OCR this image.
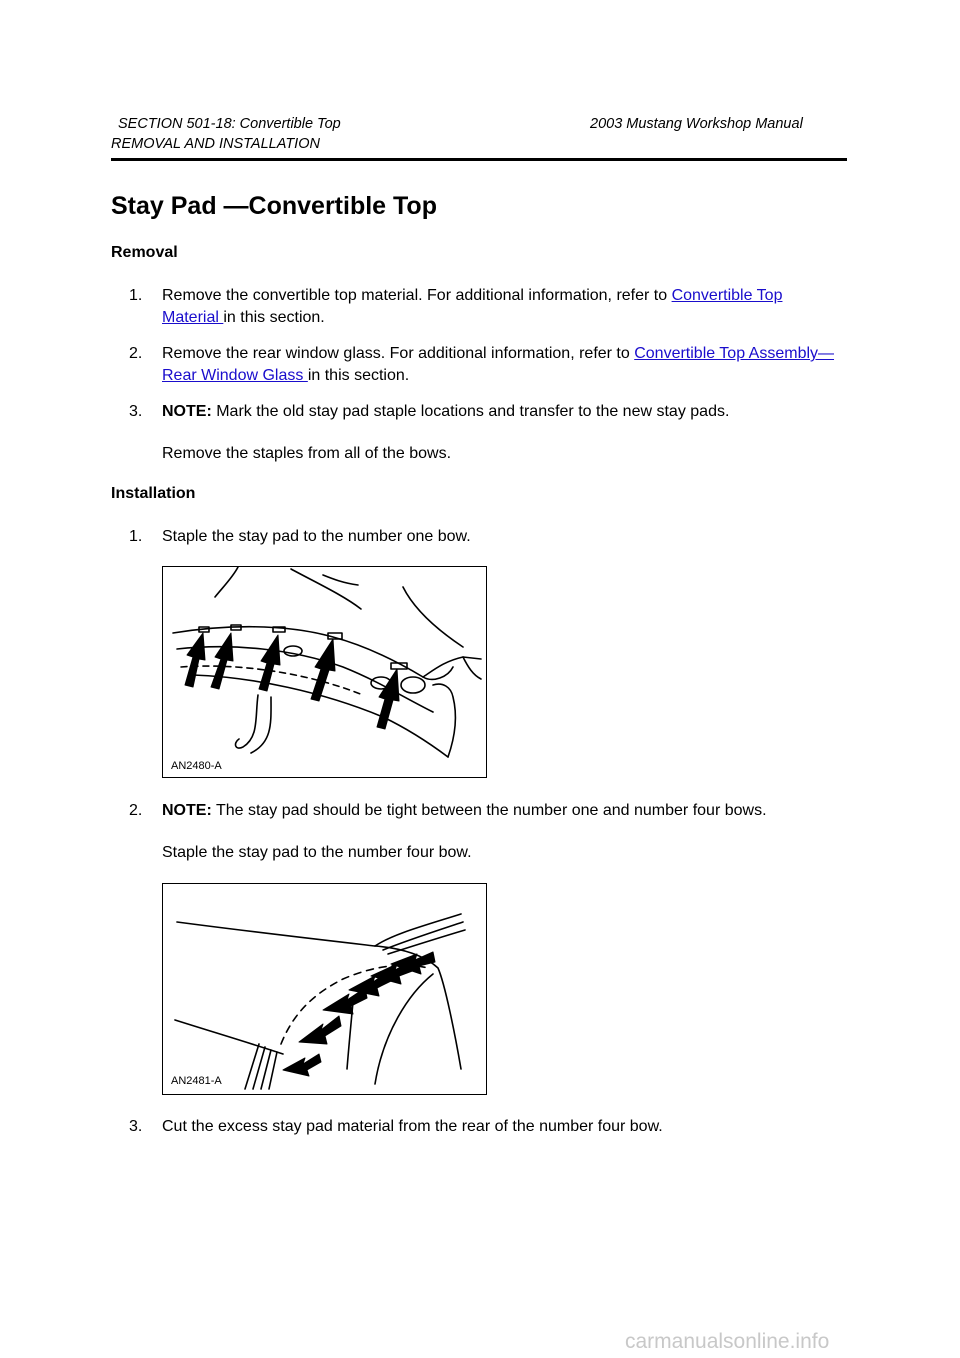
SECTION 501-18: Convertible Top	2003 Mustang Workshop Manual
REMOVAL AND INSTALLATION
Stay Pad —Convertible Top
Removal
1. Remove the convertible top material. For additional information, refer to Convertible Top
Material in this section.
2. Remove the rear window glass. For additional information, refer to Convertible Top Assembly—
Rear Window Glass in this section.
3. NOTE: Mark the old stay pad staple locations and transfer to the new stay pads.
Remove the staples from all of the bows.
Installation
1. Staple the stay pad to the number one bow.
AN2480-A
2. NOTE: The stay pad should be tight between the number one and number four bows.
Staple the stay pad to the number four bow.
AN2481-A
3. Cut the excess stay pad material from the rear of the number four bow.
carmanualsonline.info
